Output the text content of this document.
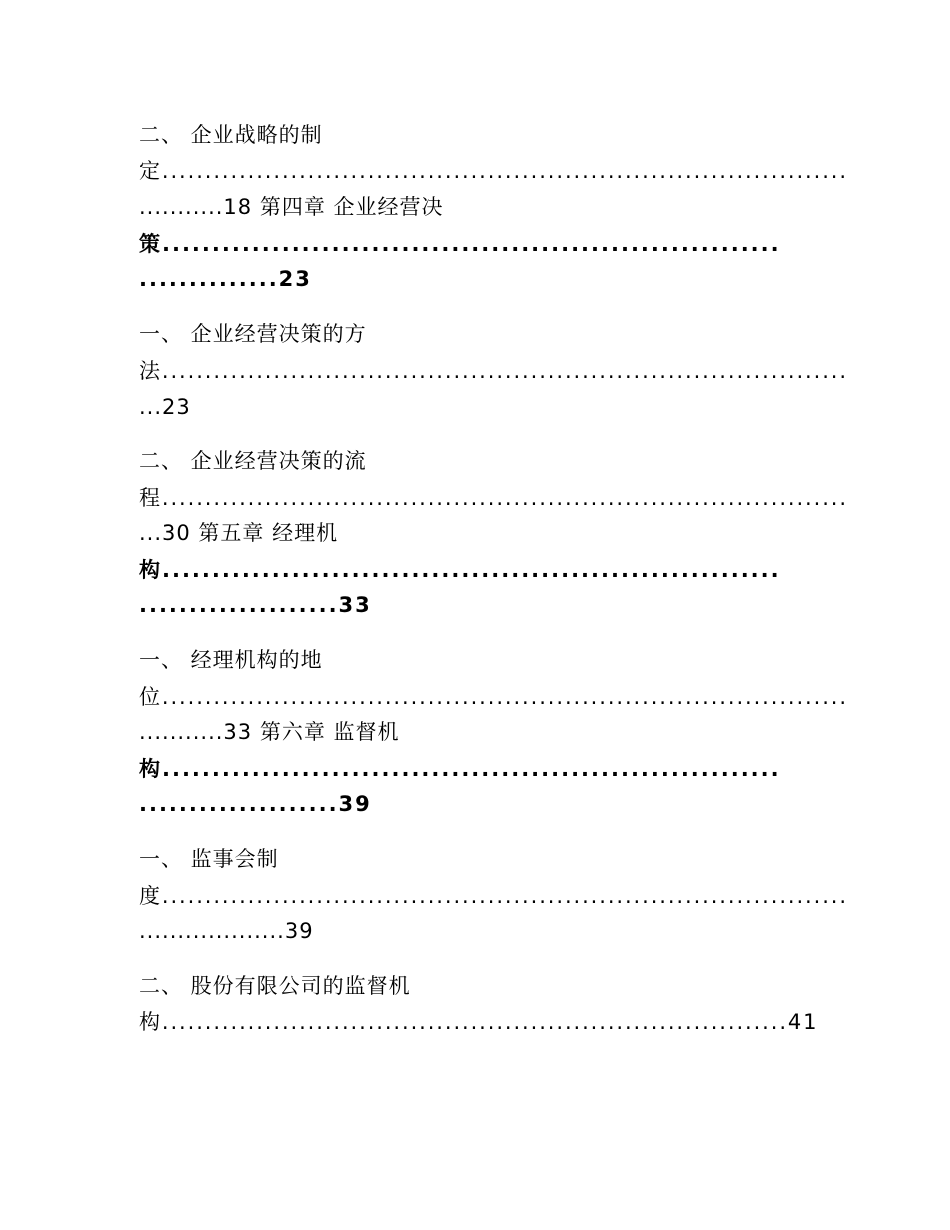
二、 企业战略的制
定................................................................................
...........18 第四章 企业经营决
策..............................................................
..............23
一、 企业经营决策的方
法................................................................................
...23
二、 企业经营决策的流
程................................................................................
...30 第五章 经理机
构..............................................................
....................33
一、 经理机构的地
位................................................................................
...........33 第六章 监督机
构..............................................................
....................39
一、 监事会制
度................................................................................
...................39
二、 股份有限公司的监督机
构.........................................................................41
